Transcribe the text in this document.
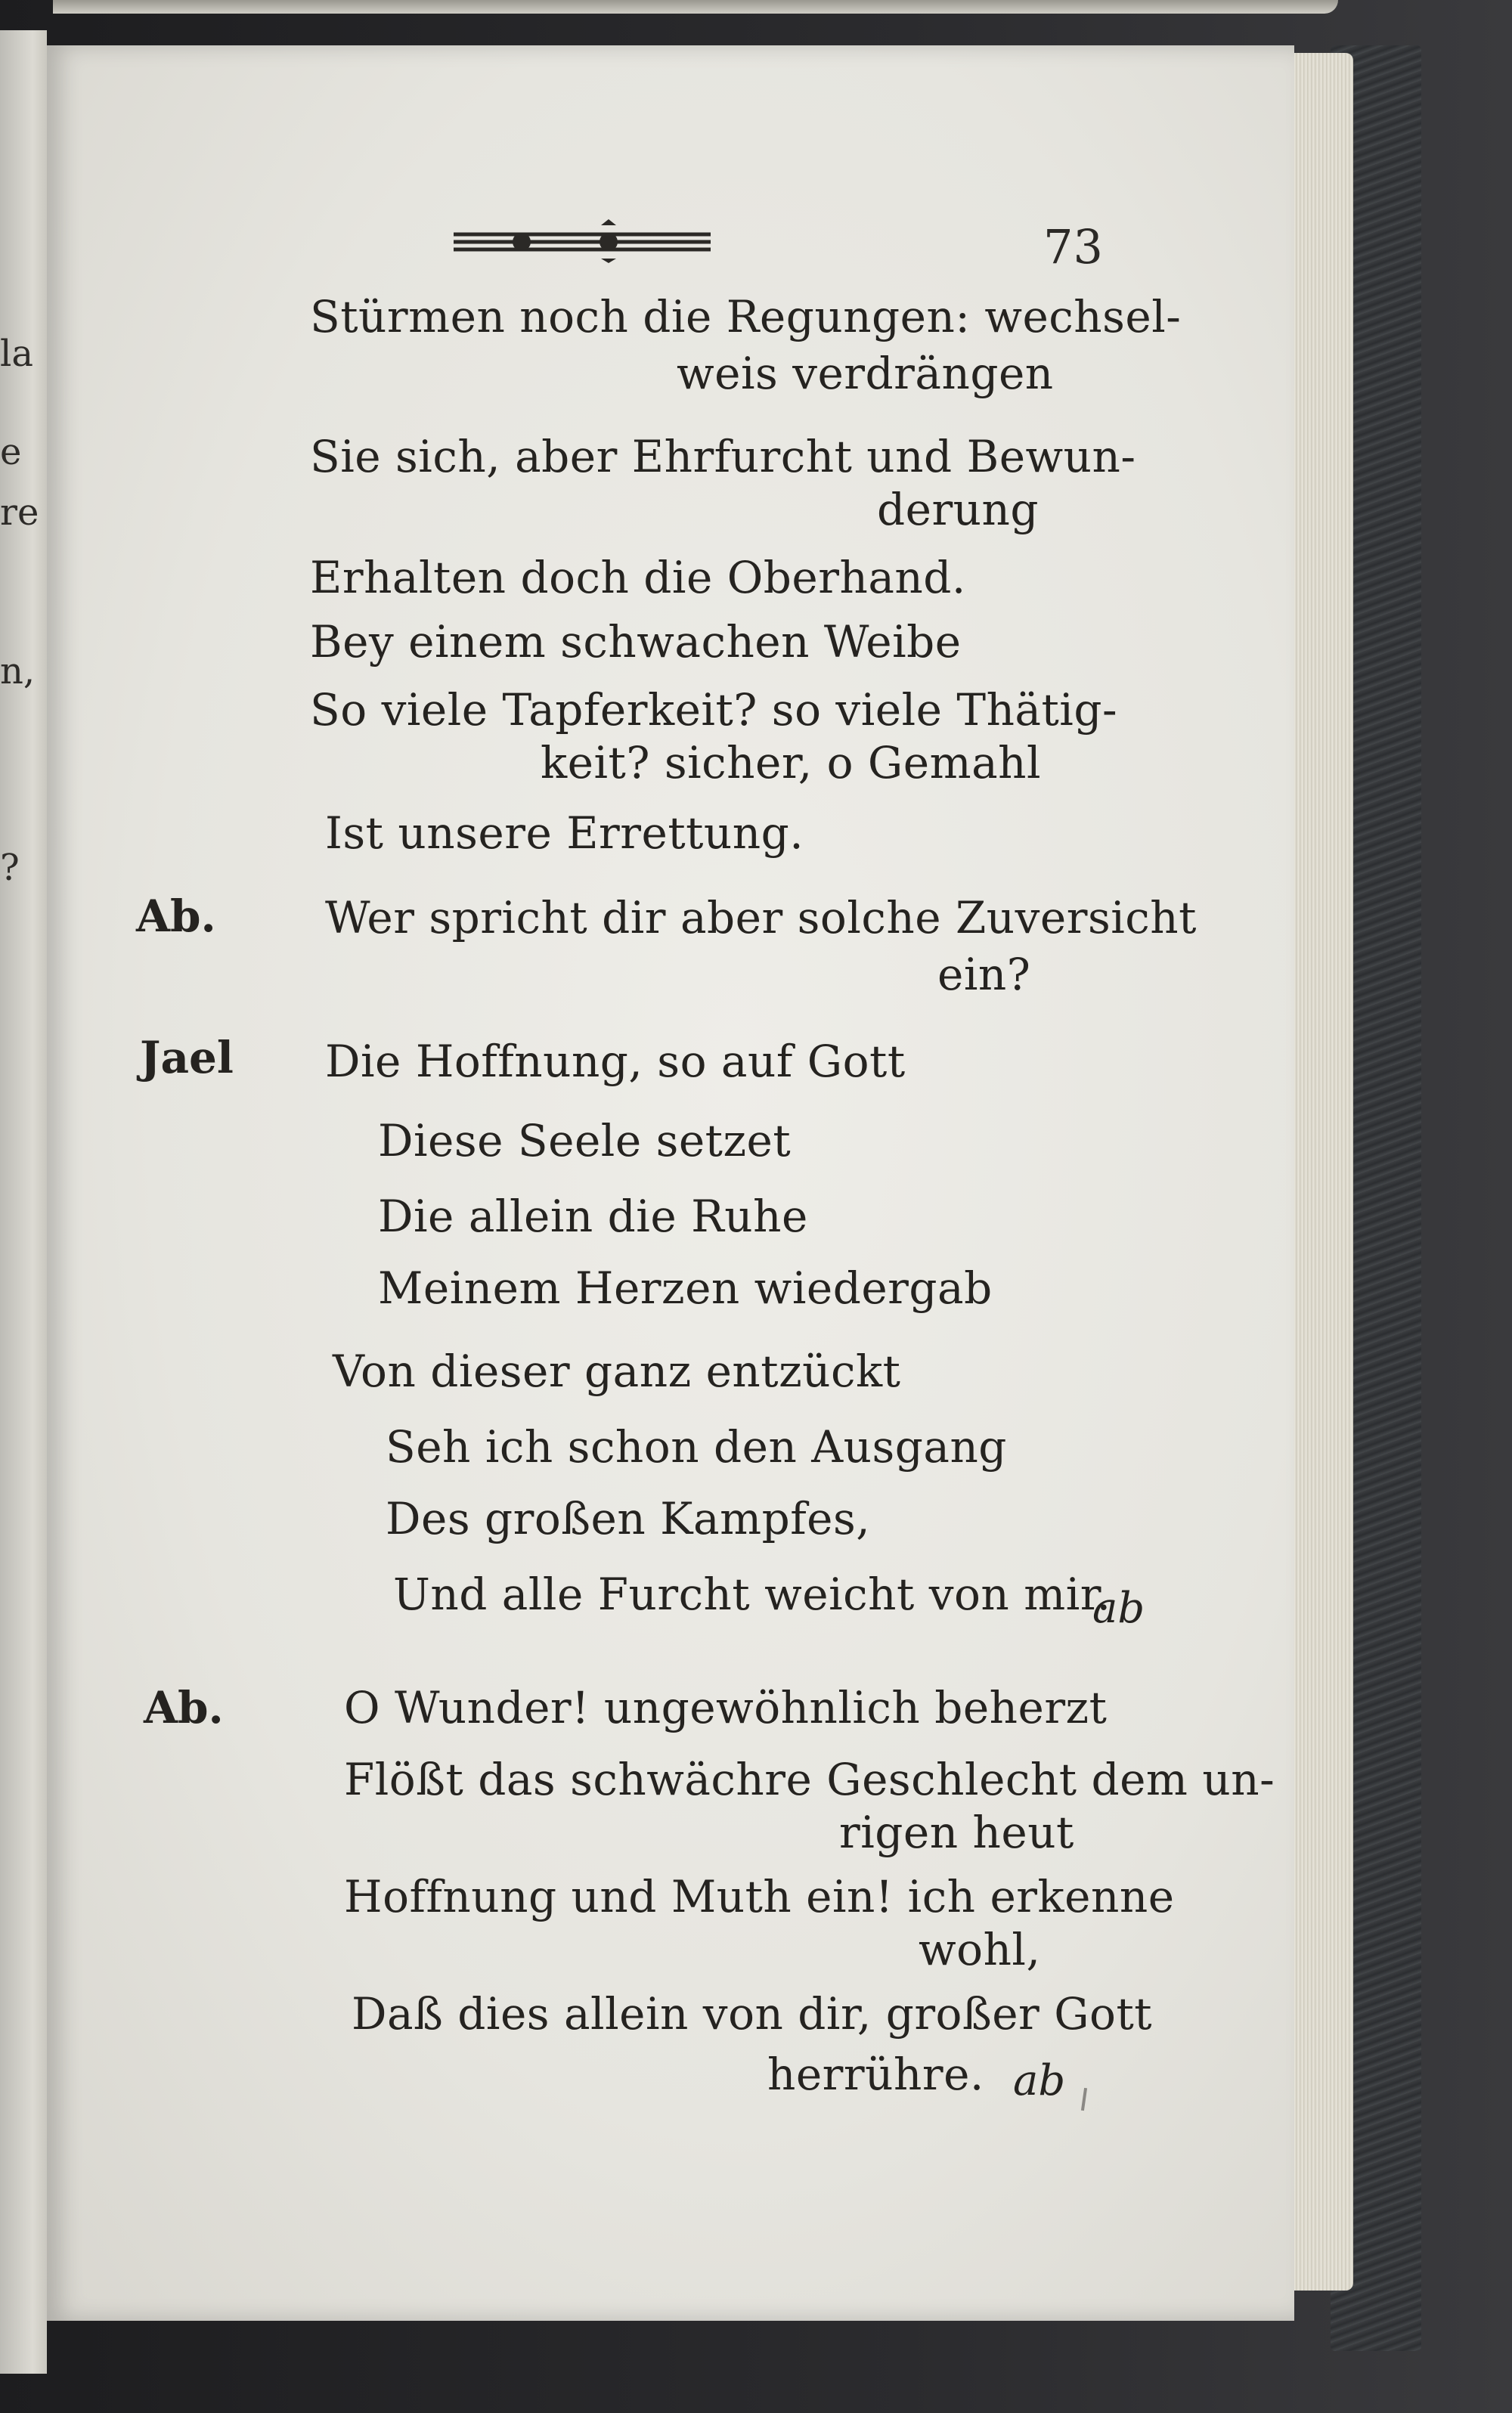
la
e
re
n,
?
73
Stürmen noch die Regungen: wechsel-
weis verdrängen
Sie sich, aber Ehrfurcht und Bewun-
derung
Erhalten doch die Oberhand.
Bey einem schwachen Weibe
So viele Tapferkeit? so viele Thätig-
keit? sicher, o Gemahl
Ist unsere Errettung.
Ab. Wer spricht dir aber solche Zuversicht
ein?
Jael Die Hoffnung, so auf Gott
Diese Seele setzet
Die allein die Ruhe
Meinem Herzen wiedergab
Von dieser ganz entzückt
Seh ich schon den Ausgang
Des großen Kampfes,
Und alle Furcht weicht von mir.
ab
Ab.	O Wunder! ungewöhnlich beherzt
Flößt das schwächre Geschlecht dem un-
rigen heut
Hoffnung und Muth ein! ich erkenne
wohl,
Daß dies allein von dir, großer Gott
herrühre. ab
